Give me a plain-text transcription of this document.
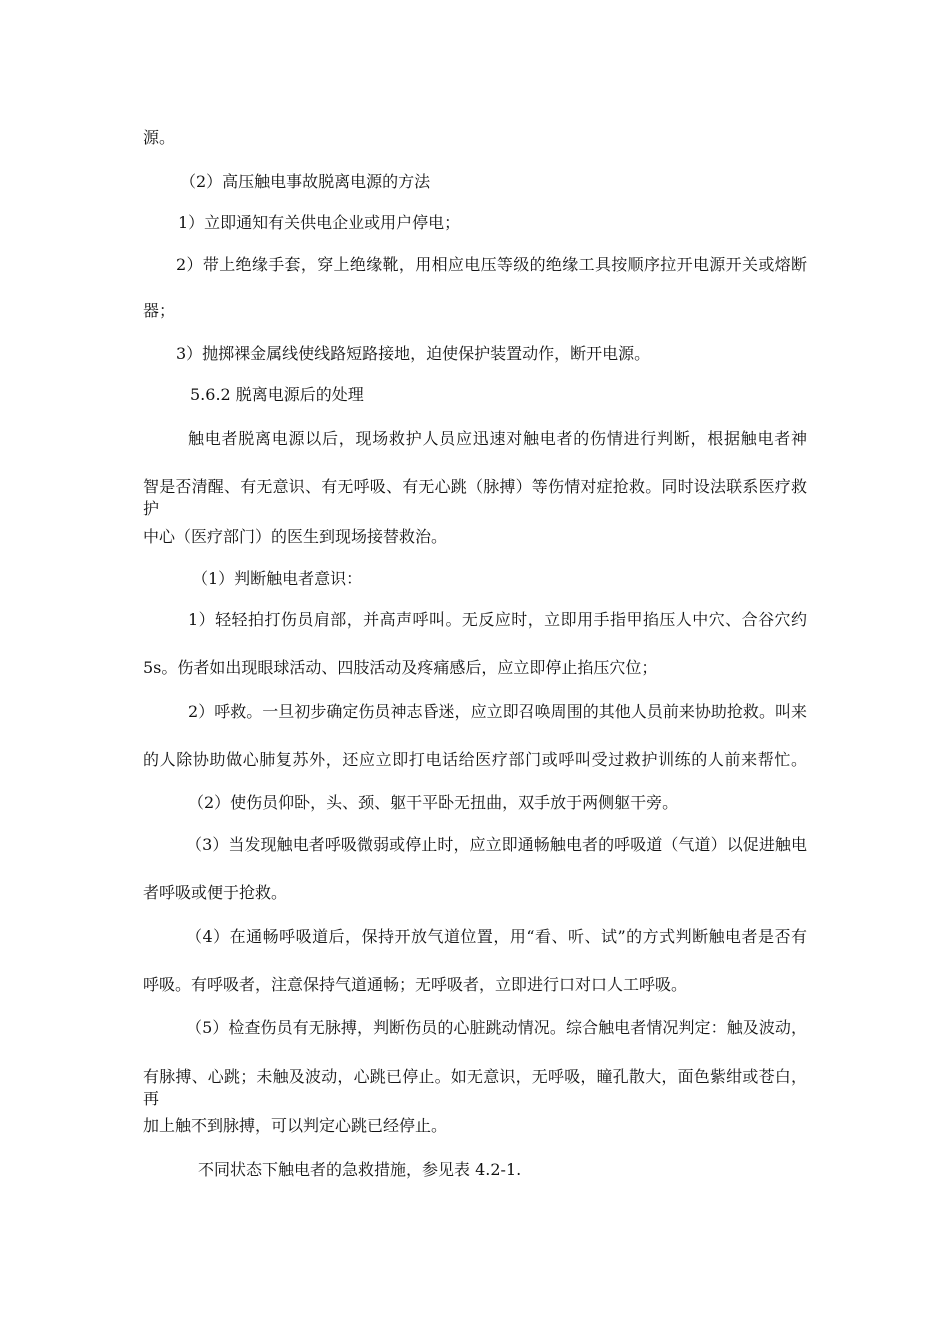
源。
（2）高压触电事故脱离电源的方法
1）立即通知有关供电企业或用户停电；
2）带上绝缘手套，穿上绝缘靴，用相应电压等级的绝缘工具按顺序拉开电源开关或熔断
器；
3）抛掷裸金属线使线路短路接地，迫使保护装置动作，断开电源。
5.6.2 脱离电源后的处理
触电者脱离电源以后，现场救护人员应迅速对触电者的伤情进行判断，根据触电者神
智是否清醒、有无意识、有无呼吸、有无心跳（脉搏）等伤情对症抢救。同时设法联系医疗救护
中心（医疗部门）的医生到现场接替救治。
（1）判断触电者意识：
1）轻轻拍打伤员肩部，并高声呼叫。无反应时，立即用手指甲掐压人中穴、合谷穴约
5s。伤者如出现眼球活动、四肢活动及疼痛感后，应立即停止掐压穴位；
2）呼救。一旦初步确定伤员神志昏迷，应立即召唤周围的其他人员前来协助抢救。叫来
的人除协助做心肺复苏外，还应立即打电话给医疗部门或呼叫受过救护训练的人前来帮忙。
（2）使伤员仰卧，头、颈、躯干平卧无扭曲，双手放于两侧躯干旁。
（3）当发现触电者呼吸微弱或停止时，应立即通畅触电者的呼吸道（气道）以促进触电
者呼吸或便于抢救。
（4）在通畅呼吸道后，保持开放气道位置，用“看、听、试”的方式判断触电者是否有
呼吸。有呼吸者，注意保持气道通畅；无呼吸者，立即进行口对口人工呼吸。
（5）检查伤员有无脉搏，判断伤员的心脏跳动情况。综合触电者情况判定：触及波动，
有脉搏、心跳；未触及波动，心跳已停止。如无意识，无呼吸，瞳孔散大，面色紫绀或苍白，再
加上触不到脉搏，可以判定心跳已经停止。
不同状态下触电者的急救措施，参见表 4.2-1.
